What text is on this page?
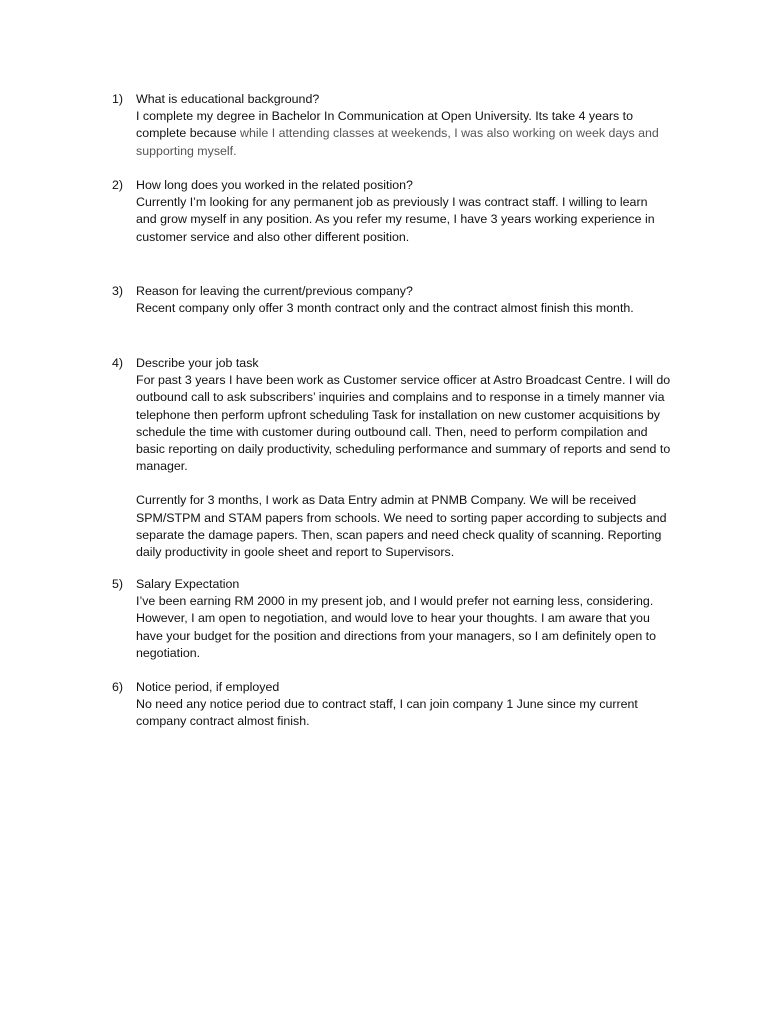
1)	What is educational background?
I complete my degree in Bachelor In Communication at Open University. Its take 4 years to
complete because while I attending classes at weekends, I was also working on week days and
supporting myself.
2)	How long does you worked in the related position?
Currently I’m looking for any permanent job as previously I was contract staff. I willing to learn
and grow myself in any position. As you refer my resume, I have 3 years working experience in
customer service and also other different position.
3)	Reason for leaving the current/previous company?
Recent company only offer 3 month contract only and the contract almost finish this month.
4)	Describe your job task
For past 3 years I have been work as Customer service officer at Astro Broadcast Centre. I will do
outbound call to ask subscribers’ inquiries and complains and to response in a timely manner via
telephone then perform upfront scheduling Task for installation on new customer acquisitions by
schedule the time with customer during outbound call. Then, need to perform compilation and
basic reporting on daily productivity, scheduling performance and summary of reports and send to
manager.
Currently for 3 months, I work as Data Entry admin at PNMB Company. We will be received
SPM/STPM and STAM papers from schools. We need to sorting paper according to subjects and
separate the damage papers. Then, scan papers and need check quality of scanning. Reporting
daily productivity in goole sheet and report to Supervisors.
5)	Salary Expectation
I’ve been earning RM 2000 in my present job, and I would prefer not earning less, considering.
However, I am open to negotiation, and would love to hear your thoughts. I am aware that you
have your budget for the position and directions from your managers, so I am definitely open to
negotiation.
6)	Notice period, if employed
No need any notice period due to contract staff, I can join company 1 June since my current
company contract almost finish.
